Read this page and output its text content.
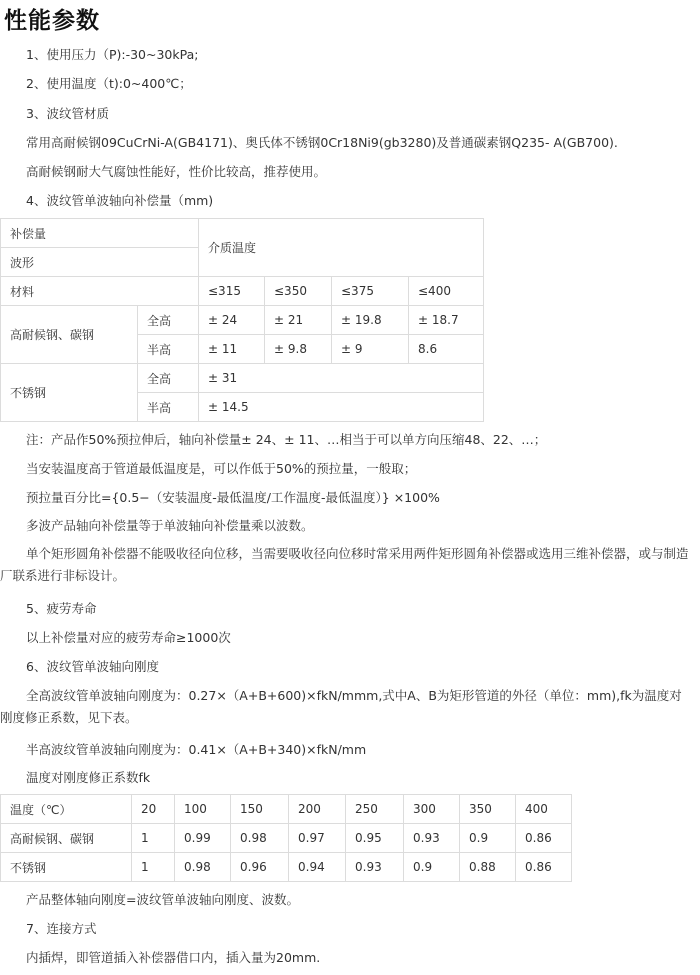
性能参数
1、使用压力（P):-30~30kPa;
2、使用温度（t):0~400℃；
3、波纹管材质
常用高耐候钢09CuCrNi-A(GB4171)、奥氏体不锈钢0Cr18Ni9(gb3280)及普通碳素钢Q235- A(GB700).
高耐候钢耐大气腐蚀性能好，性价比较高，推荐使用。
4、波纹管单波轴向补偿量（mm)
补偿量		介质温度			
波形					
材料		≤315	≤350	≤375	≤400
高耐候钢、碳钢	全高	± 24	± 21	± 19.8	± 18.7
	半高	± 11	± 9.8	± 9	8.6
不锈钢	全高	± 31			
	半高	± 14.5			
注：产品作50%预拉伸后，轴向补偿量± 24、± 11、…相当于可以单方向压缩48、22、…；
当安装温度高于管道最低温度是，可以作低于50%的预拉量，一般取；
预拉量百分比={0.5−（安装温度-最低温度/工作温度-最低温度）} ×100%
多波产品轴向补偿量等于单波轴向补偿量乘以波数。
单个矩形圆角补偿器不能吸收径向位移，当需要吸收径向位移时常采用两件矩形圆角补偿器或选用三维补偿器，或与制造厂联系进行非标设计。
5、疲劳寿命
以上补偿量对应的疲劳寿命≥1000次
6、波纹管单波轴向刚度
全高波纹管单波轴向刚度为：0.27×（A+B+600)×fkN/mmm,式中A、B为矩形管道的外径（单位：mm),fk为温度对刚度修正系数，见下表。
半高波纹管单波轴向刚度为：0.41×（A+B+340)×fkN/mm
温度对刚度修正系数fk
温度（℃）	20	100	150	200	250	300	350	400
高耐候钢、碳钢	1	0.99	0.98	0.97	0.95	0.93	0.9	0.86
不锈钢	1	0.98	0.96	0.94	0.93	0.9	0.88	0.86
产品整体轴向刚度=波纹管单波轴向刚度、波数。
7、连接方式
内插焊，即管道插入补偿器借口内，插入量为20mm.
